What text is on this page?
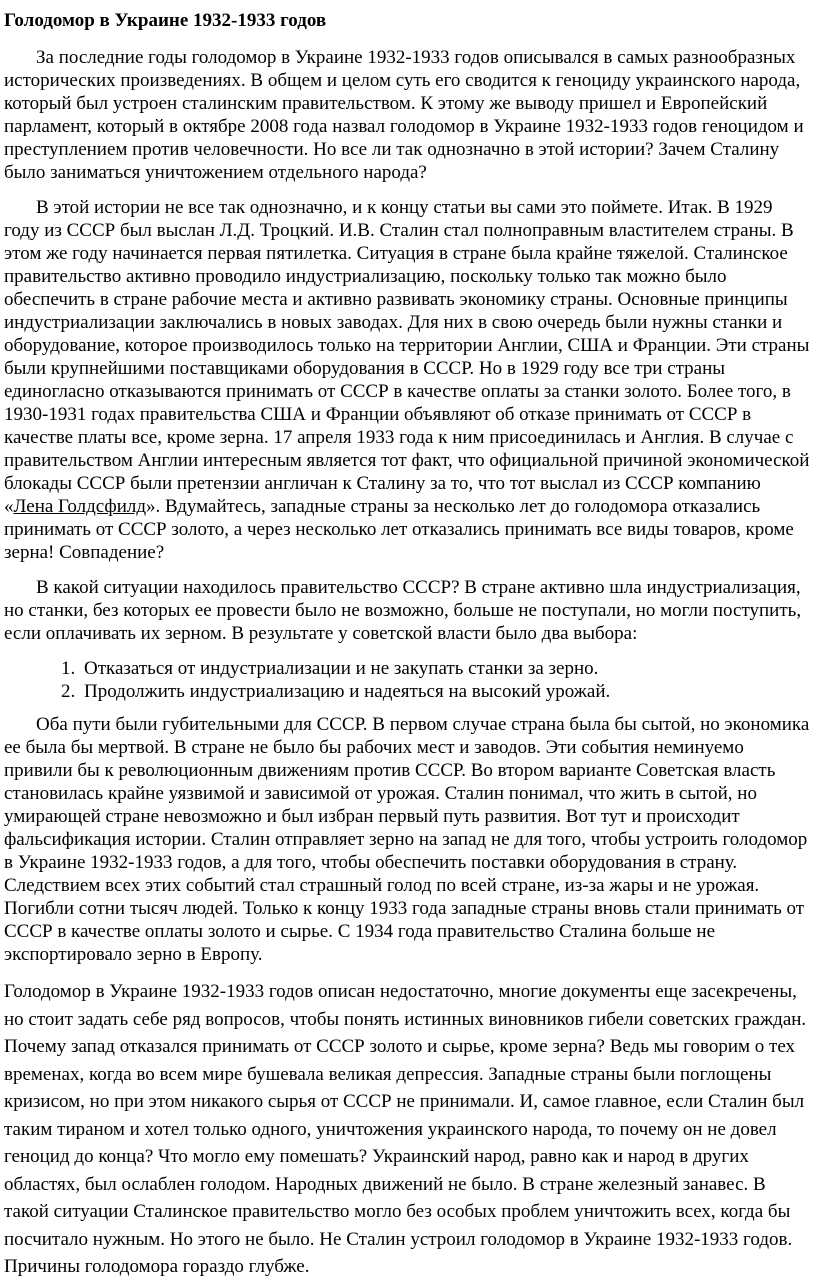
Голодомор в Украине 1932-1933 годов

За последние годы голодомор в Украине 1932-1933 годов описывался в самых разнообразных исторических произведениях. В общем и целом суть его сводится к геноциду украинского народа, который был устроен сталинским правительством. К этому же выводу пришел и Европейский парламент, который в октябре 2008 года назвал голодомор в Украине 1932-1933 годов геноцидом и преступлением против человечности. Но все ли так однозначно в этой истории? Зачем Сталину было заниматься уничтожением отдельного народа?

В этой истории не все так однозначно, и к концу статьи вы сами это поймете. Итак. В 1929 году из СССР был выслан Л.Д. Троцкий. И.В. Сталин стал полноправным властителем страны. В этом же году начинается первая пятилетка. Ситуация в стране была крайне тяжелой. Сталинское правительство активно проводило индустриализацию, поскольку только так можно было обеспечить в стране рабочие места и активно развивать экономику страны. Основные принципы индустриализации заключались в новых заводах. Для них в свою очередь были нужны станки и оборудование, которое производилось только на территории Англии, США и Франции. Эти страны были крупнейшими поставщиками оборудования в СССР. Но в 1929 году все три страны единогласно отказываются принимать от СССР в качестве оплаты за станки золото. Более того, в 1930-1931 годах правительства США и Франции объявляют об отказе принимать от СССР в качестве платы все, кроме зерна. 17 апреля 1933 года к ним присоединилась и Англия. В случае с правительством Англии интересным является тот факт, что официальной причиной экономической блокады СССР были претензии англичан к Сталину за то, что тот выслал из СССР компанию «Лена Голдсфилд». Вдумайтесь, западные страны за несколько лет до голодомора отказались принимать от СССР золото, а через несколько лет отказались принимать все виды товаров, кроме зерна! Совпадение?

В какой ситуации находилось правительство СССР? В стране активно шла индустриализация, но станки, без которых ее провести было не возможно, больше не поступали, но могли поступить, если оплачивать их зерном. В результате у советской власти было два выбора:

1. Отказаться от индустриализации и не закупать станки за зерно.
2. Продолжить индустриализацию и надеяться на высокий урожай.

Оба пути были губительными для СССР. В первом случае страна была бы сытой, но экономика ее была бы мертвой. В стране не было бы рабочих мест и заводов. Эти события неминуемо привили бы к революционным движениям против СССР. Во втором варианте Советская власть становилась крайне уязвимой и зависимой от урожая. Сталин понимал, что жить в сытой, но умирающей стране невозможно и был избран первый путь развития. Вот тут и происходит фальсификация истории. Сталин отправляет зерно на запад не для того, чтобы устроить голодомор в Украине 1932-1933 годов, а для того, чтобы обеспечить поставки оборудования в страну. Следствием всех этих событий стал страшный голод по всей стране, из-за жары и не урожая. Погибли сотни тысяч людей. Только к концу 1933 года западные страны вновь стали принимать от СССР в качестве оплаты золото и сырье. С 1934 года правительство Сталина больше не экспортировало зерно в Европу.

Голодомор в Украине 1932-1933 годов описан недостаточно, многие документы еще засекречены, но стоит задать себе ряд вопросов, чтобы понять истинных виновников гибели советских граждан. Почему запад отказался принимать от СССР золото и сырье, кроме зерна? Ведь мы говорим о тех временах, когда во всем мире бушевала великая депрессия. Западные страны были поглощены кризисом, но при этом никакого сырья от СССР не принимали. И, самое главное, если Сталин был таким тираном и хотел только одного, уничтожения украинского народа, то почему он не довел геноцид до конца? Что могло ему помешать? Украинский народ, равно как и народ в других областях, был ослаблен голодом. Народных движений не было. В стране железный занавес. В такой ситуации Сталинское правительство могло без особых проблем уничтожить всех, когда бы посчитало нужным. Но этого не было. Не Сталин устроил голодомор в Украине 1932-1933 годов. Причины голодомора гораздо глубже.
